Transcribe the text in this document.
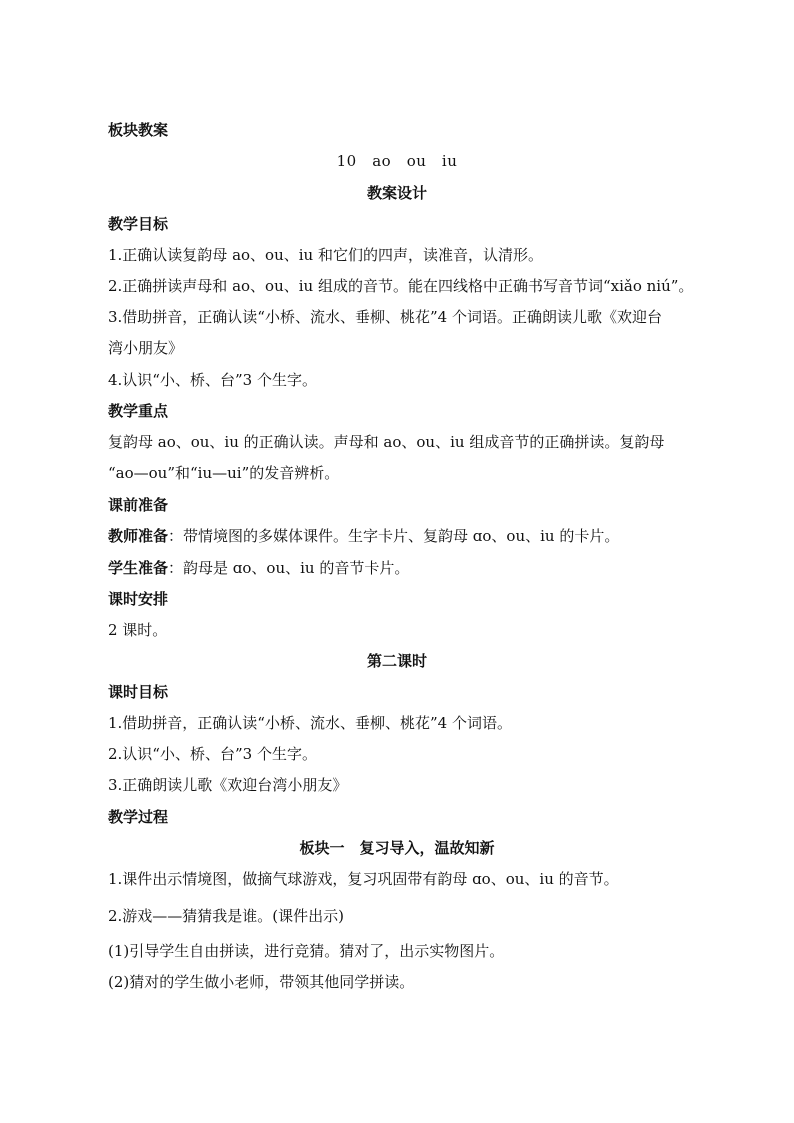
板块教案
10　ao　ou　iu
教案设计
教学目标
1.正确认读复韵母 ao、ou、iu 和它们的四声，读准音，认清形。
2.正确拼读声母和 ao、ou、iu 组成的音节。能在四线格中正确书写音节词“xiǎo niú”。
3.借助拼音，正确认读“小桥、流水、垂柳、桃花”4 个词语。正确朗读儿歌《欢迎台
湾小朋友》
4.认识“小、桥、台”3 个生字。
教学重点
复韵母 ao、ou、iu 的正确认读。声母和 ao、ou、iu 组成音节的正确拼读。复韵母
“ao—ou”和“iu—ui”的发音辨析。
课前准备
教师准备：带情境图的多媒体课件。生字卡片、复韵母 ɑo、ou、iu 的卡片。
学生准备：韵母是 ɑo、ou、iu 的音节卡片。
课时安排
2 课时。
第二课时
课时目标
1.借助拼音，正确认读“小桥、流水、垂柳、桃花”4 个词语。
2.认识“小、桥、台”3 个生字。
3.正确朗读儿歌《欢迎台湾小朋友》
教学过程
板块一　复习导入，温故知新
1.课件出示情境图，做摘气球游戏，复习巩固带有韵母 ɑo、ou、iu 的音节。
2.游戏——猜猜我是谁。(课件出示)
(1)引导学生自由拼读，进行竞猜。猜对了，出示实物图片。
(2)猜对的学生做小老师，带领其他同学拼读。
